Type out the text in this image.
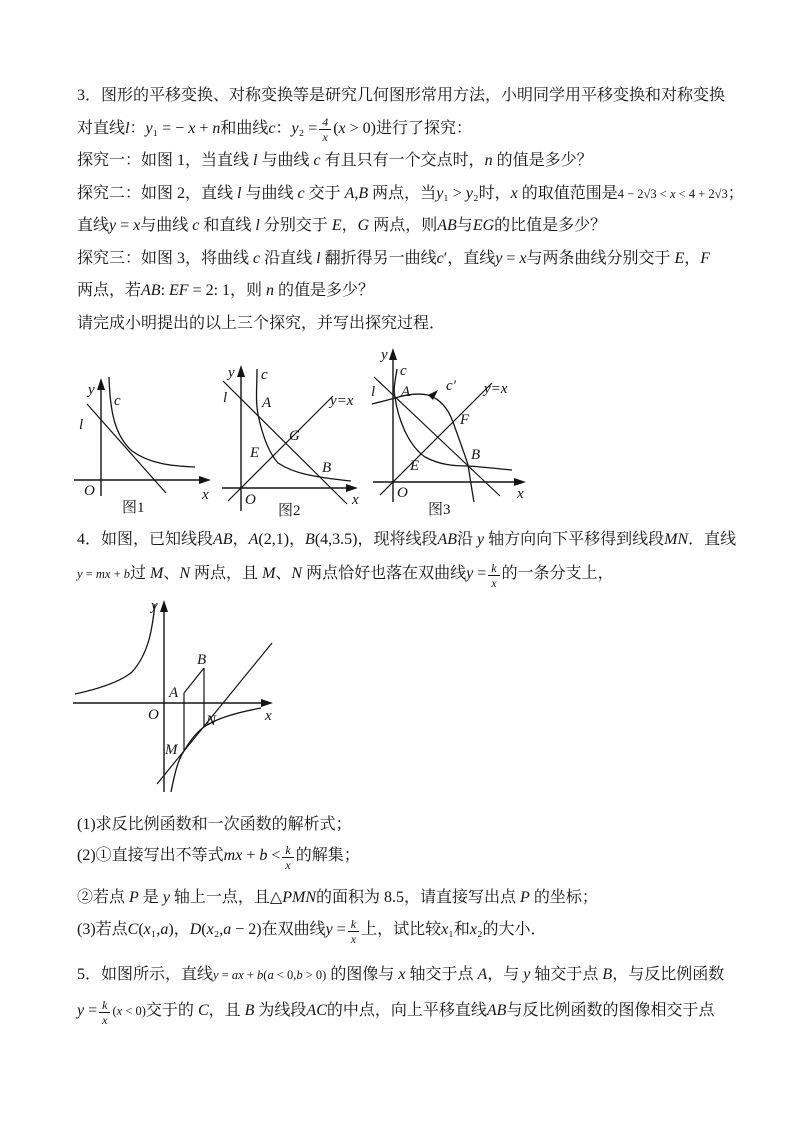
3．图形的平移变换、对称变换等是研究几何图形常用方法，小明同学用平移变换和对称变换
对直线l：y₁ = − x + n和曲线c：$y_2 = \frac{4}{x} (x > 0)$进行了探究：
探究一：如图 1，当直线 l 与曲线 c 有且只有一个交点时，n 的值是多少？
探究二：如图 2，直线 l 与曲线 c 交于 A,B 两点，当y₁ > y₂时，x 的取值范围是4 − 2√3 < x < 4 + 2√3；
直线y = x与曲线 c 和直线 l 分别交于 E，G 两点，则AB与EG的比值是多少？
探究三：如图 3，将曲线 c 沿直线 l 翻折得另一曲线c′，直线y = x与两条曲线分别交于 E，F
两点，若AB: EF = 2: 1，则 n 的值是多少？
请完成小明提出的以上三个探究，并写出探究过程．
y
c
l
O	x
图1
y c
l A
G
E
B
y=x
O	x
图2
y
c
l A c′ y=x
F
E
B
O	x
图3
4．如图，已知线段AB，A(2,1)，B(4,3.5)，现将线段AB沿 y 轴方向向下平移得到线段MN．直线
y = mx + b过 M、N 两点，且 M、N 两点恰好也落在双曲线$y = \frac{k}{x}$ 的一条分支上，
y
x
O
A
B
M
N
(1)求反比例函数和一次函数的解析式；
(2)①直接写出不等式mx + $b < \frac{k}{x}$ 的解集；
②若点 P 是 y 轴上一点，且△PMN的面积为 8.5，请直接写出点 P 的坐标；
(3)若点C(x₁,a)，D(x₂,a − 2)在双曲线$y = \frac{k}{x}$ 上，试比较x₁和x₂的大小．
5．如图所示，直线y = ax + b(a < 0,b > 0) 的图像与 x 轴交于点 A，与 y 轴交于点 B，与反比例函数
$y = \frac{k}{x} (x < 0)$交于的 C，且 B 为线段AC的中点，向上平移直线AB与反比例函数的图像相交于点
